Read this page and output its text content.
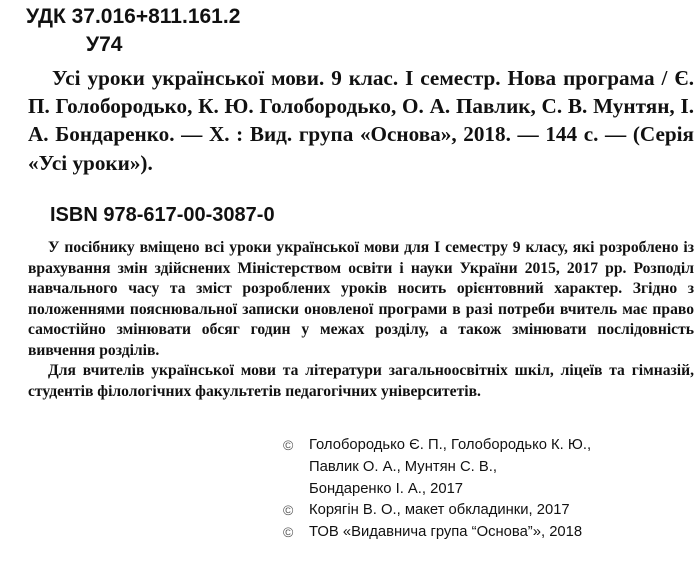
УДК 37.016+811.161.2
У74

Усі уроки української мови. 9 клас. І семестр. Нова програма / Є. П. Голобородько, К. Ю. Голобородько, О. А. Павлик, С. В. Мунтян, І. А. Бондаренко. — Х. : Вид. група «Основа», 2018. — 144 с. — (Серія «Усі уроки»).

ISBN 978-617-00-3087-0

У посібнику вміщено всі уроки української мови для І семестру 9 класу, які розроблено із врахування змін здійснених Міністерством освіти і науки України 2015, 2017 рр. Розподіл навчального часу та зміст розроблених уроків носить орієнтовний характер. Згідно з положеннями пояснювальної записки оновленої програми в разі потреби вчитель має право самостійно змінювати обсяг годин у межах розділу, а також змінювати послідовність вивчення розділів.

Для вчителів української мови та літератури загальноосвітніх шкіл, ліцеїв та гімназій, студентів філологічних факультетів педагогічних університетів.

© Голобородько Є. П., Голобородько К. Ю.,
Павлик О. А., Мунтян С. В.,
Бондаренко І. А., 2017
© Корягін В. О., макет обкладинки, 2017
© ТОВ «Видавнича група “Основа”», 2018
